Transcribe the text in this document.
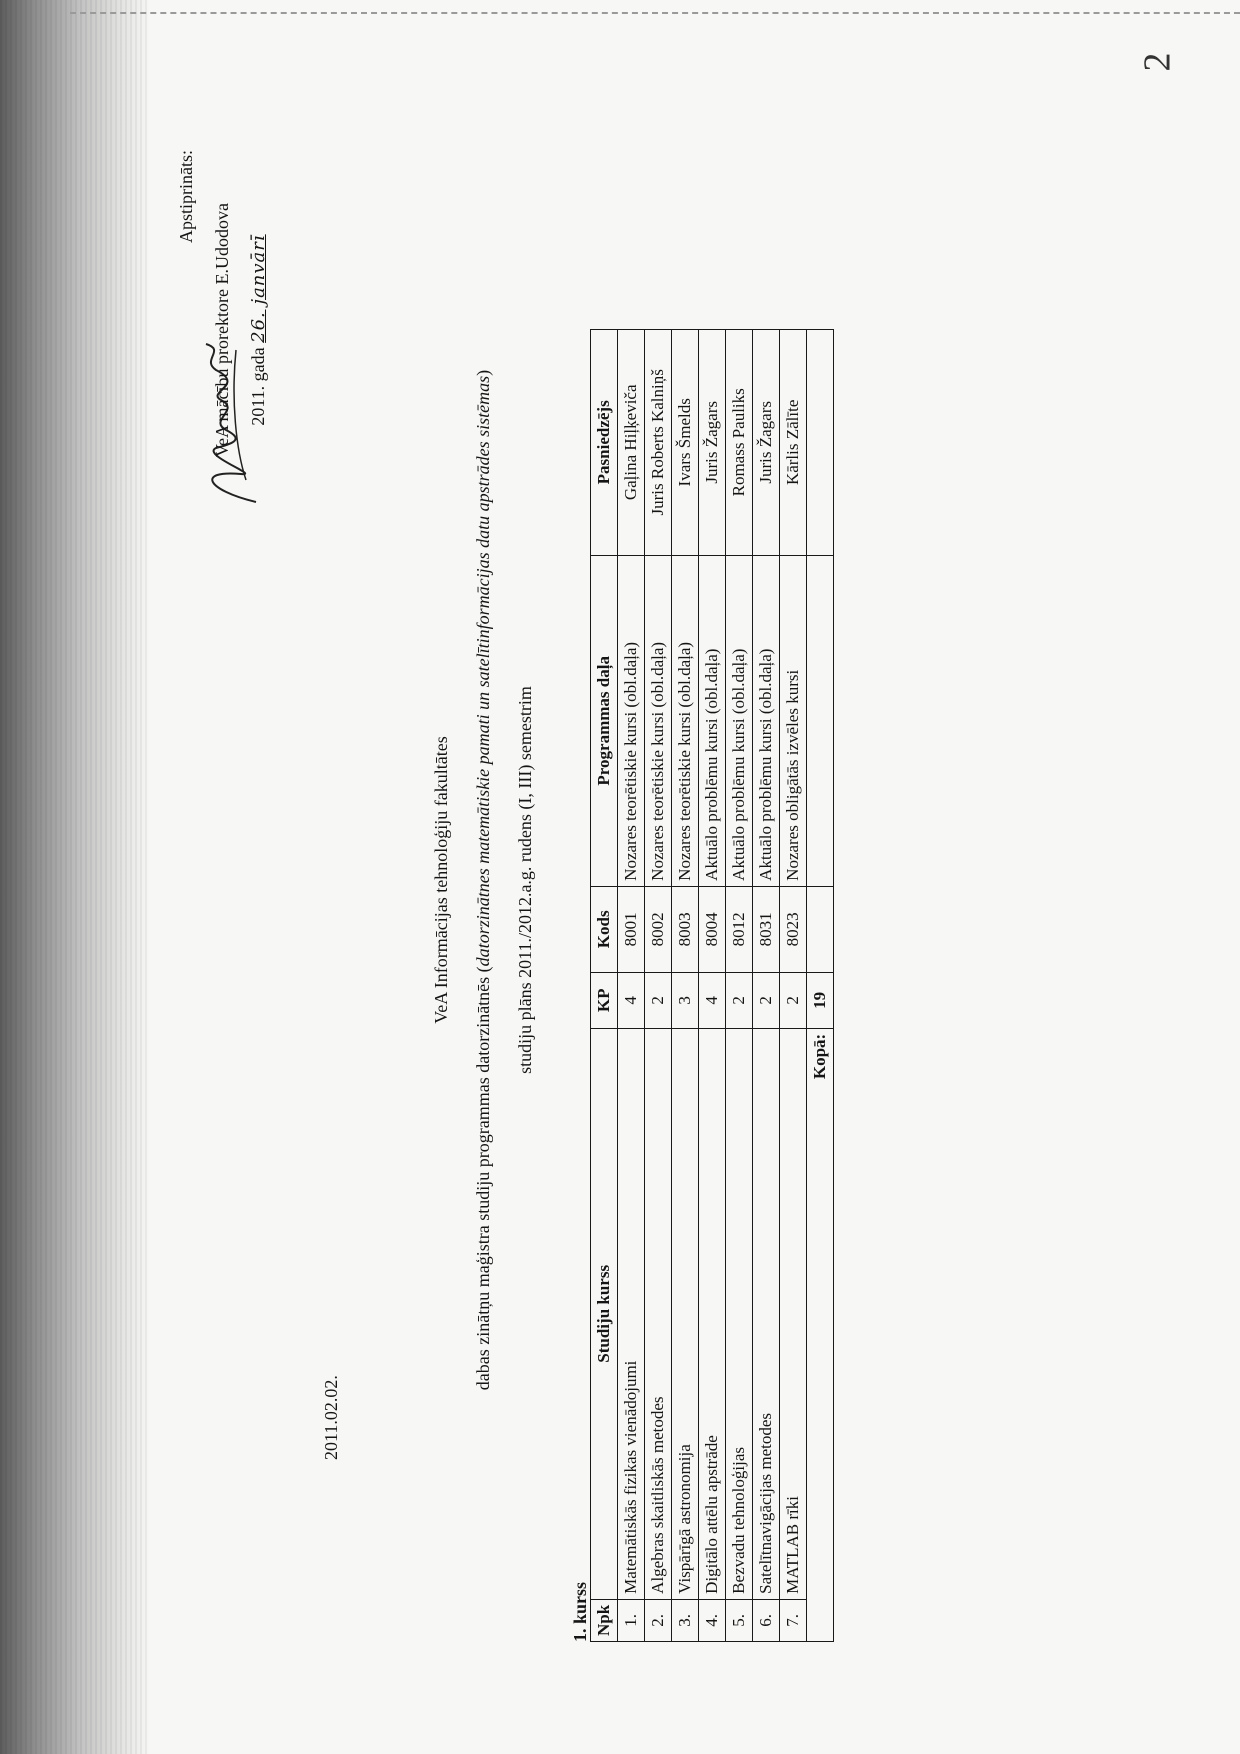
2
VeA Informācijas tehnoloģiju fakultātes
dabas zinātņu maģistra studiju programmas datorzinātnēs (datorzinātnes matemātiskie pamati un satelītinformācijas datu apstrādes sistēmas)
studiju plāns 2011./2012.a.g. rudens (I, III) semestrim
Apstiprināts:
VeA mācību prorektore E.Udodova 2011. gada 26. janvārī
2011.02.02.
1. kurss Npk	Studiju kurss	KP	Kods	Programmas daļa	Pasniedzējs
1.	Matemātiskās fizikas vienādojumi	4	8001	Nozares teorētiskie kursi (obl.daļa)	Gaļina Hiļķeviča
2.	Algebras skaitliskās metodes	2	8002	Nozares teorētiskie kursi (obl.daļa)	Juris Roberts Kalniņš
3.	Vispārīgā astronomija	3	8003	Nozares teorētiskie kursi (obl.daļa)	Ivars Šmelds
4.	Digitālo attēlu apstrāde	4	8004	Aktuālo problēmu kursi (obl.daļa)	Juris Žagars
5.	Bezvadu tehnoloģijas	2	8012	Aktuālo problēmu kursi (obl.daļa)	Romass Pauliks
6.	Satelītnavigācijas metodes	2	8031	Aktuālo problēmu kursi (obl.daļa)	Juris Žagars
7.	MATLAB rīki	2	8023	Nozares obligātās izvēles kursi	Kārlis Zālīte
Kopā:		19			
